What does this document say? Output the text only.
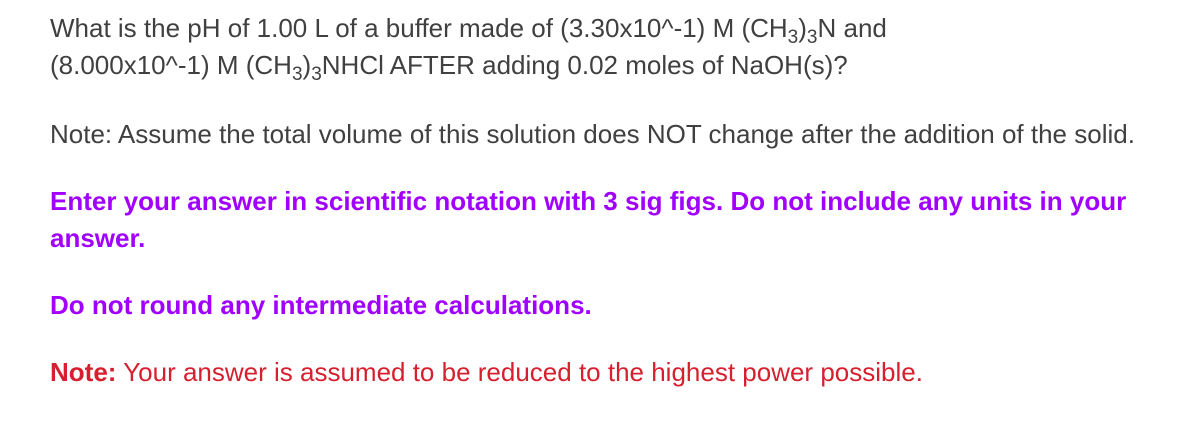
What is the pH of 1.00 L of a buffer made of (3.30x10^-1) M $(CH_3)_3N$ and
(8.000x10^-1) M $(CH_3)_3NHCl$ AFTER adding 0.02 moles of NaOH(s)?

Note: Assume the total volume of this solution does NOT change after the addition of the solid.

Enter your answer in scientific notation with 3 sig figs. Do not include any units in your answer.

Do not round any intermediate calculations.

Note: Your answer is assumed to be reduced to the highest power possible.
